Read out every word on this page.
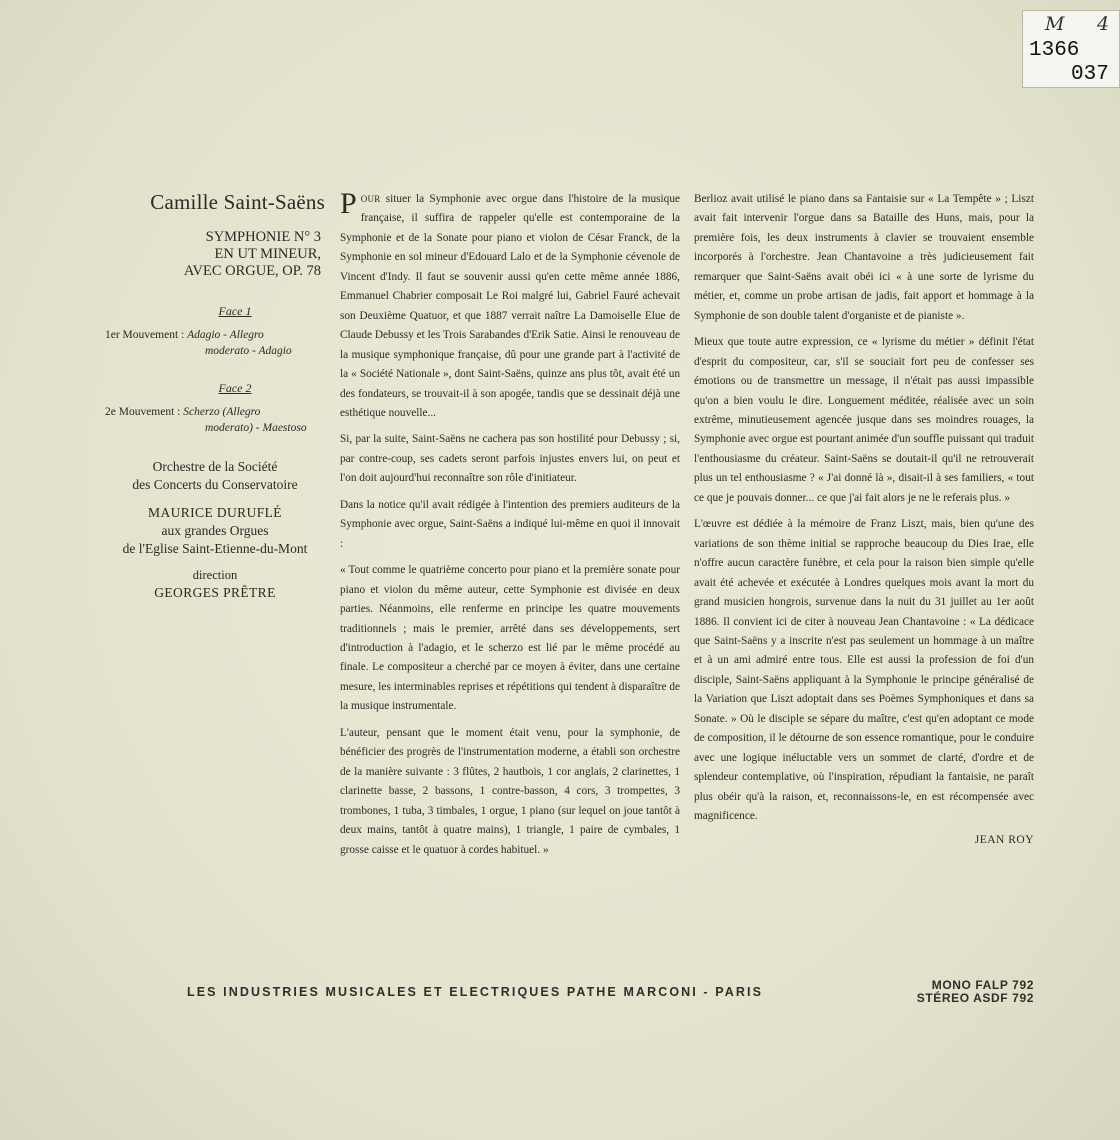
M 4
1366
037
Camille Saint-Saëns
SYMPHONIE N° 3
EN UT MINEUR,
AVEC ORGUE, OP. 78
Face 1
1er Mouvement : Adagio - Allegro
moderato - Adagio
Face 2
2e Mouvement : Scherzo (Allegro
moderato) - Maestoso
Orchestre de la Société
des Concerts du Conservatoire
MAURICE DURUFLÉ
aux grandes Orgues
de l'Eglise Saint-Etienne-du-Mont
direction
GEORGES PRÊTRE

POUR situer la Symphonie avec orgue dans l'histoire de la musique française, il suffira de rappeler qu'elle est contemporaine de la Symphonie et de la Sonate pour piano et violon de César Franck, de la Symphonie en sol mineur d'Edouard Lalo et de la Symphonie cévenole de Vincent d'Indy. Il faut se souvenir aussi qu'en cette même année 1886, Emmanuel Chabrier composait Le Roi malgré lui, Gabriel Fauré achevait son Deuxième Quatuor, et que 1887 verrait naître La Damoiselle Elue de Claude Debussy et les Trois Sarabandes d'Erik Satie. Ainsi le renouveau de la musique symphonique française, dû pour une grande part à l'activité de la « Société Nationale », dont Saint-Saëns, quinze ans plus tôt, avait été un des fondateurs, se trouvait-il à son apogée, tandis que se dessinait déjà une esthétique nouvelle...

Si, par la suite, Saint-Saëns ne cachera pas son hostilité pour Debussy ; si, par contre-coup, ses cadets seront parfois injustes envers lui, on peut et l'on doit aujourd'hui reconnaître son rôle d'initiateur.

Dans la notice qu'il avait rédigée à l'intention des premiers auditeurs de la Symphonie avec orgue, Saint-Saëns a indiqué lui-même en quoi il innovait :

« Tout comme le quatrième concerto pour piano et la première sonate pour piano et violon du même auteur, cette Symphonie est divisée en deux parties. Néanmoins, elle renferme en principe les quatre mouvements traditionnels ; mais le premier, arrêté dans ses développements, sert d'introduction à l'adagio, et le scherzo est lié par le même procédé au finale. Le compositeur a cherché par ce moyen à éviter, dans une certaine mesure, les interminables reprises et répétitions qui tendent à disparaître de la musique instrumentale.

L'auteur, pensant que le moment était venu, pour la symphonie, de bénéficier des progrès de l'instrumentation moderne, a établi son orchestre de la manière suivante : 3 flûtes, 2 hautbois, 1 cor anglais, 2 clarinettes, 1 clarinette basse, 2 bassons, 1 contre-basson, 4 cors, 3 trompettes, 3 trombones, 1 tuba, 3 timbales, 1 orgue, 1 piano (sur lequel on joue tantôt à deux mains, tantôt à quatre mains), 1 triangle, 1 paire de cymbales, 1 grosse caisse et le quatuor à cordes habituel. »

Berlioz avait utilisé le piano dans sa Fantaisie sur « La Tempête » ; Liszt avait fait intervenir l'orgue dans sa Bataille des Huns, mais, pour la première fois, les deux instruments à clavier se trouvaient ensemble incorporés à l'orchestre. Jean Chantavoine a très judicieusement fait remarquer que Saint-Saëns avait obéi ici « à une sorte de lyrisme du métier, et, comme un probe artisan de jadis, fait apport et hommage à la Symphonie de son double talent d'organiste et de pianiste ».

Mieux que toute autre expression, ce « lyrisme du métier » définit l'état d'esprit du compositeur, car, s'il se souciait fort peu de confesser ses émotions ou de transmettre un message, il n'était pas aussi impassible qu'on a bien voulu le dire. Longuement méditée, réalisée avec un soin extrême, minutieusement agencée jusque dans ses moindres rouages, la Symphonie avec orgue est pourtant animée d'un souffle puissant qui traduit l'enthousiasme du créateur. Saint-Saëns se doutait-il qu'il ne retrouverait plus un tel enthousiasme ? « J'ai donné là », disait-il à ses familiers, « tout ce que je pouvais donner... ce que j'ai fait alors je ne le referais plus. »

L'œuvre est dédiée à la mémoire de Franz Liszt, mais, bien qu'une des variations de son thème initial se rapproche beaucoup du Dies Irae, elle n'offre aucun caractère funèbre, et cela pour la raison bien simple qu'elle avait été achevée et exécutée à Londres quelques mois avant la mort du grand musicien hongrois, survenue dans la nuit du 31 juillet au 1er août 1886. Il convient ici de citer à nouveau Jean Chantavoine : « La dédicace que Saint-Saëns y a inscrite n'est pas seulement un hommage à un maître et à un ami admiré entre tous. Elle est aussi la profession de foi d'un disciple, Saint-Saëns appliquant à la Symphonie le principe généralisé de la Variation que Liszt adoptait dans ses Poèmes Symphoniques et dans sa Sonate. » Où le disciple se sépare du maître, c'est qu'en adoptant ce mode de composition, il le détourne de son essence romantique, pour le conduire avec une logique inéluctable vers un sommet de clarté, d'ordre et de splendeur contemplative, où l'inspiration, répudiant la fantaisie, ne paraît plus obéir qu'à la raison, et, reconnaissons-le, en est récompensée avec magnificence.

JEAN ROY
LES INDUSTRIES MUSICALES ET ELECTRIQUES PATHE MARCONI - PARIS	MONO FALP 792
STÉREO ASDF 792
